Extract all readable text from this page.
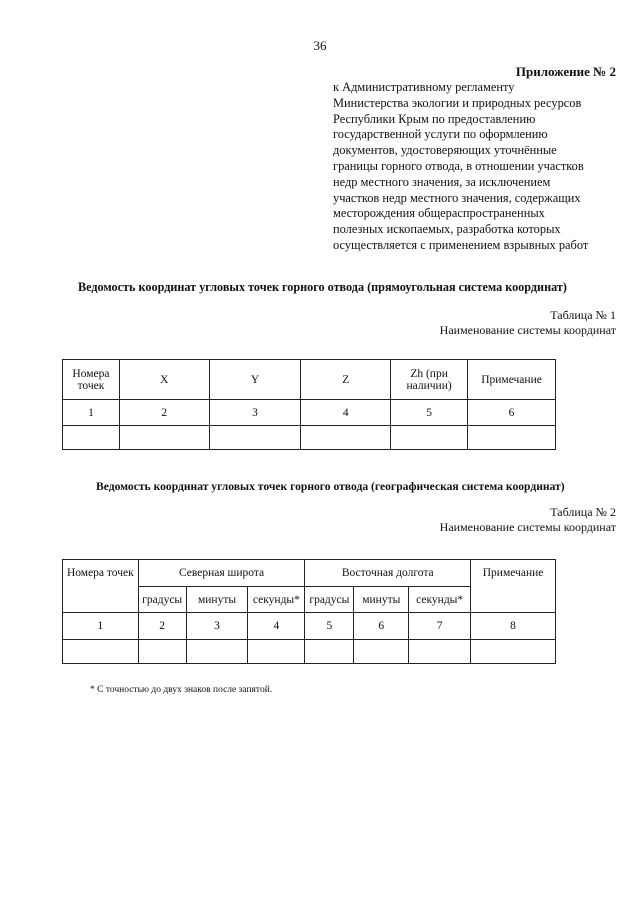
36
Приложение № 2
к Административному регламенту
Министерства экологии и природных ресурсов
Республики Крым по предоставлению
государственной услуги по оформлению
документов, удостоверяющих уточнённые
границы горного отвода, в отношении участков
недр местного значения, за исключением
участков недр местного значения, содержащих
месторождения общераспространенных
полезных ископаемых, разработка которых
осуществляется с применением взрывных работ
Ведомость координат угловых точек горного отвода (прямоугольная система координат)
Таблица № 1
Наименование системы координат
Номера точек	X	Y	Z	Zh (при наличии)	Примечание
1	2	3	4	5	6

Ведомость координат угловых точек горного отвода (географическая система координат)
Таблица № 2
Наименование системы координат
Номера точек	Северная широта			Восточная долгота			Примечание
	градусы	минуты	секунды*	градусы	минуты	секунды*	
1	2	3	4	5	6	7	8

* С точностью до двух знаков после запятой.
